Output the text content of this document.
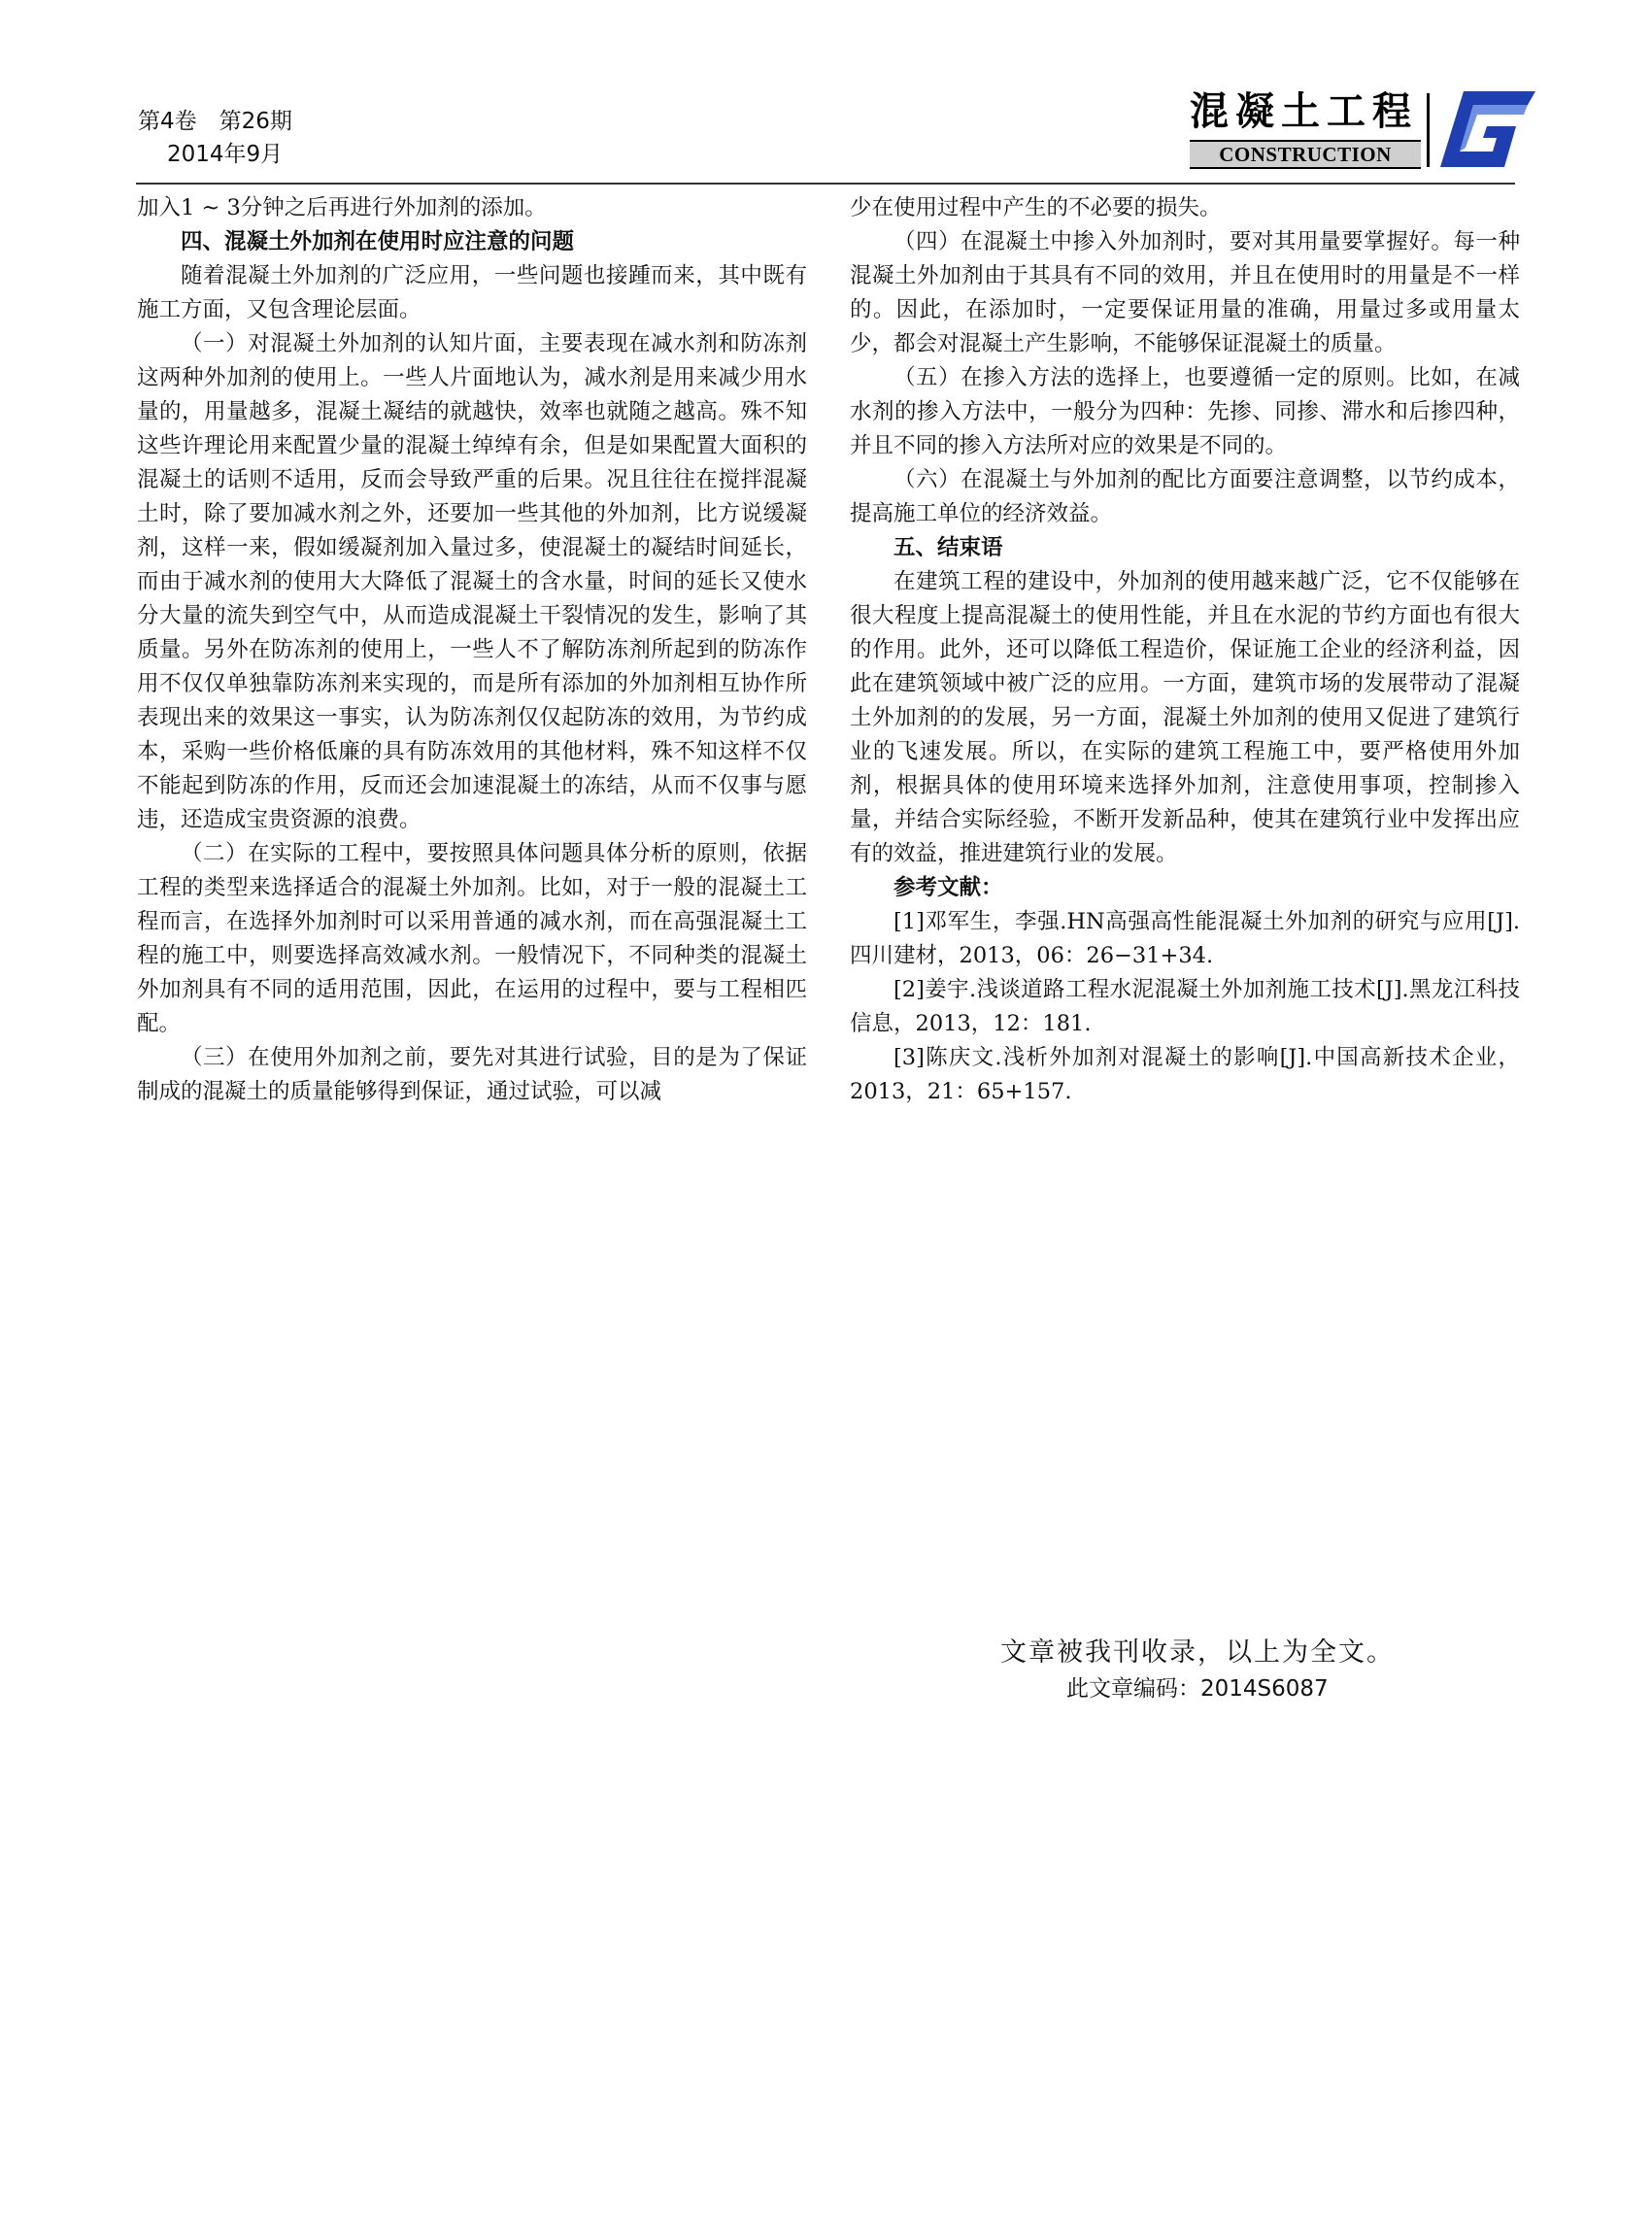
第4卷　第26期
2014年9月
混凝土工程
CONSTRUCTION

加入1 ~ 3分钟之后再进行外加剂的添加。

四、混凝土外加剂在使用时应注意的问题

随着混凝土外加剂的广泛应用，一些问题也接踵而来，其中既有施工方面，又包含理论层面。

（一）对混凝土外加剂的认知片面，主要表现在减水剂和防冻剂这两种外加剂的使用上。一些人片面地认为，减水剂是用来减少用水量的，用量越多，混凝土凝结的就越快，效率也就随之越高。殊不知这些许理论用来配置少量的混凝土绰绰有余，但是如果配置大面积的混凝土的话则不适用，反而会导致严重的后果。况且往往在搅拌混凝土时，除了要加减水剂之外，还要加一些其他的外加剂，比方说缓凝剂，这样一来，假如缓凝剂加入量过多，使混凝土的凝结时间延长，而由于减水剂的使用大大降低了混凝土的含水量，时间的延长又使水分大量的流失到空气中，从而造成混凝土干裂情况的发生，影响了其质量。另外在防冻剂的使用上，一些人不了解防冻剂所起到的防冻作用不仅仅单独靠防冻剂来实现的，而是所有添加的外加剂相互协作所表现出来的效果这一事实，认为防冻剂仅仅起防冻的效用，为节约成本，采购一些价格低廉的具有防冻效用的其他材料，殊不知这样不仅不能起到防冻的作用，反而还会加速混凝土的冻结，从而不仅事与愿违，还造成宝贵资源的浪费。

（二）在实际的工程中，要按照具体问题具体分析的原则，依据工程的类型来选择适合的混凝土外加剂。比如，对于一般的混凝土工程而言，在选择外加剂时可以采用普通的减水剂，而在高强混凝土工程的施工中，则要选择高效减水剂。一般情况下，不同种类的混凝土外加剂具有不同的适用范围，因此，在运用的过程中，要与工程相匹配。

（三）在使用外加剂之前，要先对其进行试验，目的是为了保证制成的混凝土的质量能够得到保证，通过试验，可以减

少在使用过程中产生的不必要的损失。

（四）在混凝土中掺入外加剂时，要对其用量要掌握好。每一种混凝土外加剂由于其具有不同的效用，并且在使用时的用量是不一样的。因此，在添加时，一定要保证用量的准确，用量过多或用量太少，都会对混凝土产生影响，不能够保证混凝土的质量。

（五）在掺入方法的选择上，也要遵循一定的原则。比如，在减水剂的掺入方法中，一般分为四种：先掺、同掺、滞水和后掺四种，并且不同的掺入方法所对应的效果是不同的。

（六）在混凝土与外加剂的配比方面要注意调整，以节约成本，提高施工单位的经济效益。

五、结束语

在建筑工程的建设中，外加剂的使用越来越广泛，它不仅能够在很大程度上提高混凝土的使用性能，并且在水泥的节约方面也有很大的作用。此外，还可以降低工程造价，保证施工企业的经济利益，因此在建筑领域中被广泛的应用。一方面，建筑市场的发展带动了混凝土外加剂的的发展，另一方面，混凝土外加剂的使用又促进了建筑行业的飞速发展。所以，在实际的建筑工程施工中，要严格使用外加剂，根据具体的使用环境来选择外加剂，注意使用事项，控制掺入量，并结合实际经验，不断开发新品种，使其在建筑行业中发挥出应有的效益，推进建筑行业的发展。

参考文献：

[1]邓军生，李强.HN高强高性能混凝土外加剂的研究与应用[J].四川建材，2013，06：26−31+34.

[2]姜宇.浅谈道路工程水泥混凝土外加剂施工技术[J].黑龙江科技信息，2013，12：181.

[3]陈庆文.浅析外加剂对混凝土的影响[J].中国高新技术企业，2013，21：65+157.

文章被我刊收录，以上为全文。
此文章编码：2014S6087
